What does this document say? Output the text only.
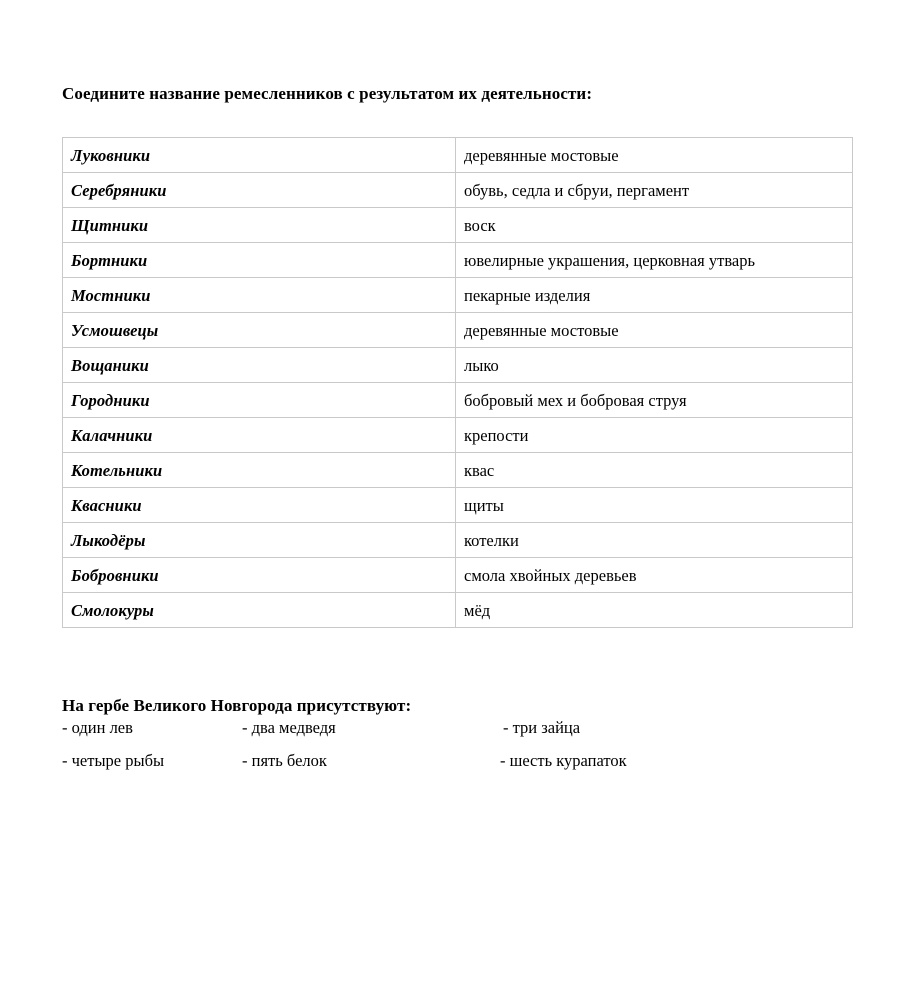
Соедините название ремесленников с результатом их деятельности:
Луковники	деревянные мостовые
Серебряники	обувь, седла и сбруи, пергамент
Щитники	воск
Бортники	ювелирные украшения, церковная утварь
Мостники	пекарные изделия
Усмошвецы	деревянные мостовые
Вощаники	лыко
Городники	бобровый мех и бобровая струя
Калачники	крепости
Котельники	квас
Квасники	щиты
Лыкодёры	котелки
Бобровники	смола хвойных деревьев
Смолокуры	мёд
На гербе Великого Новгорода присутствуют:
- один лев	- два медведя	- три зайца
- четыре рыбы	- пять белок	- шесть курапаток
